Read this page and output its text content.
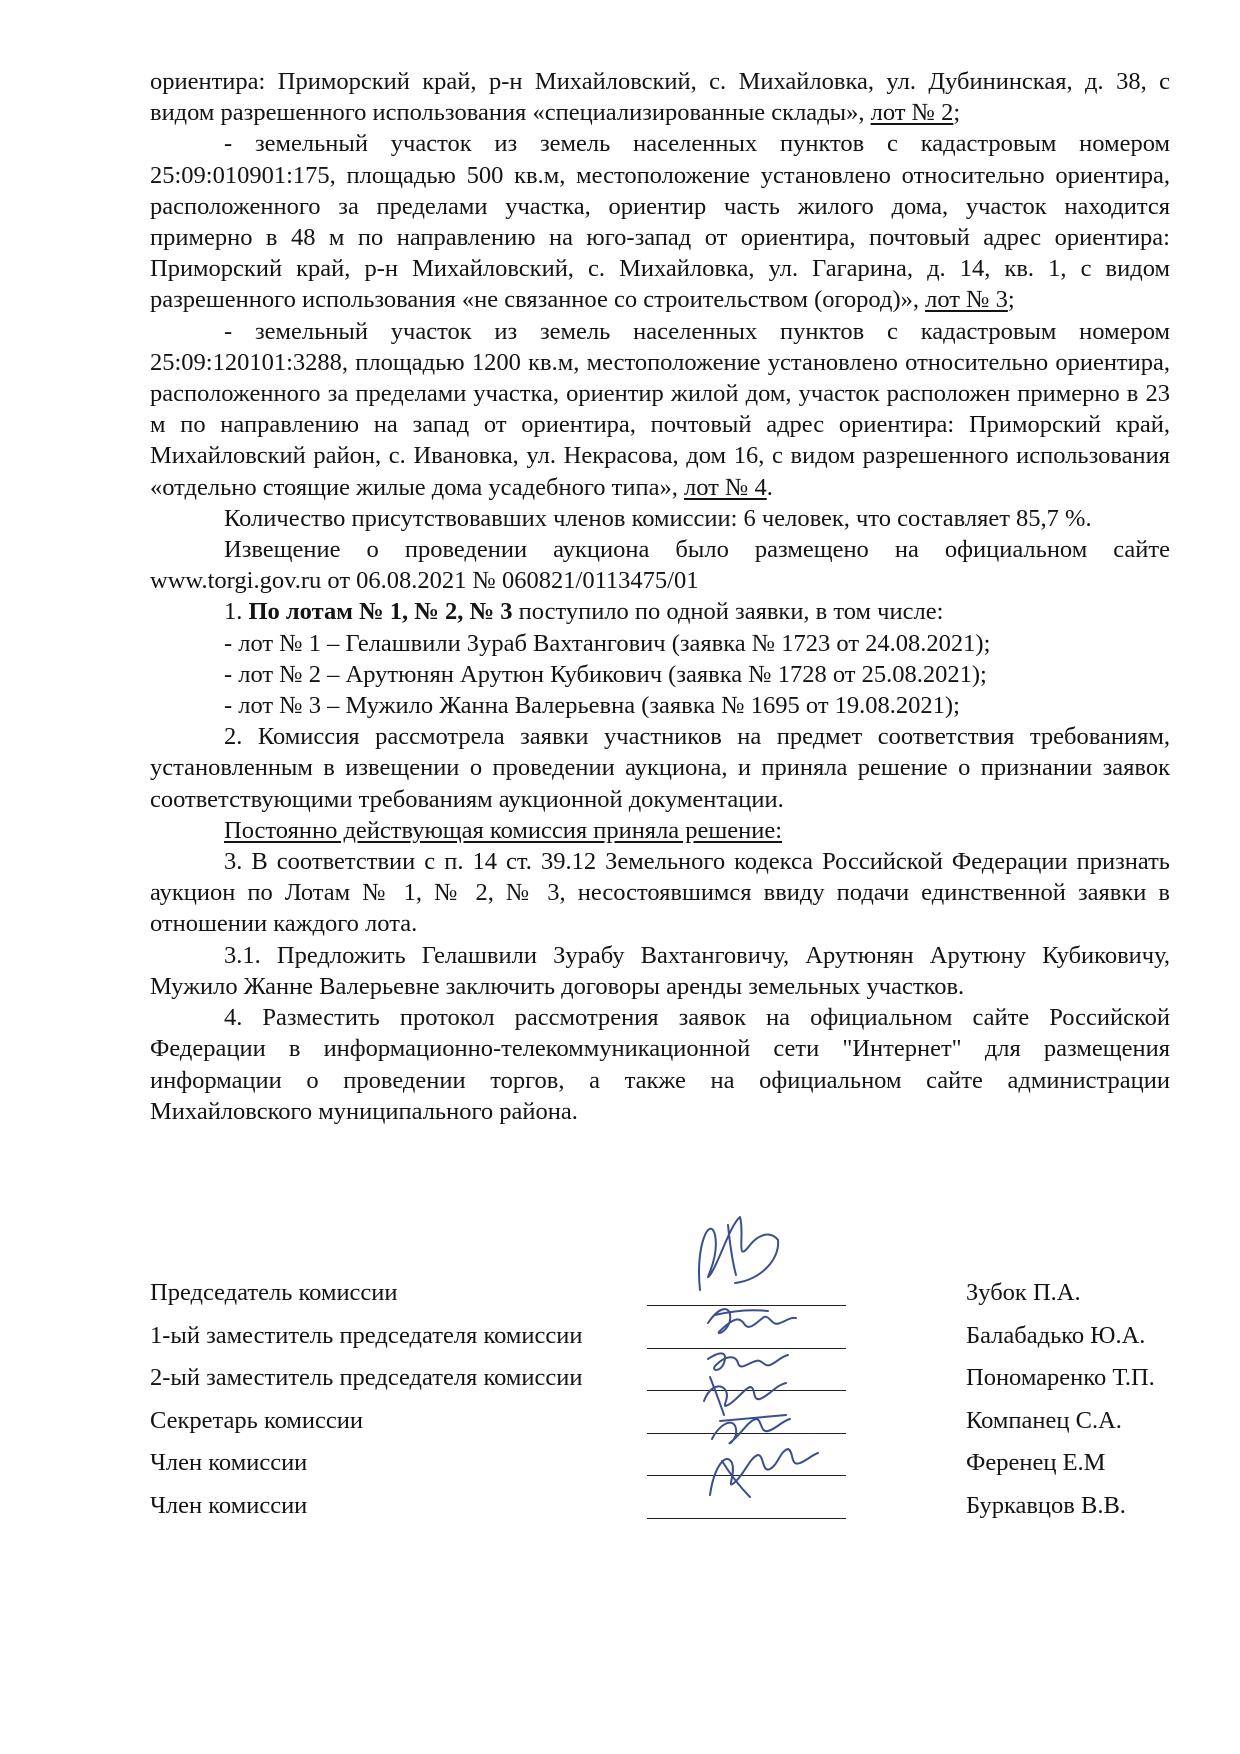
ориентира: Приморский край, р-н Михайловский, с. Михайловка, ул. Дубининская, д. 38, с видом разрешенного использования «специализированные склады», лот № 2;

- земельный участок из земель населенных пунктов с кадастровым номером 25:09:010901:175, площадью 500 кв.м, местоположение установлено относительно ориентира, расположенного за пределами участка, ориентир часть жилого дома, участок находится примерно в 48 м по направлению на юго-запад от ориентира, почтовый адрес ориентира: Приморский край, р-н Михайловский, с. Михайловка, ул. Гагарина, д. 14, кв. 1, с видом разрешенного использования «не связанное со строительством (огород)», лот № 3;

- земельный участок из земель населенных пунктов с кадастровым номером 25:09:120101:3288, площадью 1200 кв.м, местоположение установлено относительно ориентира, расположенного за пределами участка, ориентир жилой дом, участок расположен примерно в 23 м по направлению на запад от ориентира, почтовый адрес ориентира: Приморский край, Михайловский район, с. Ивановка, ул. Некрасова, дом 16, с видом разрешенного использования «отдельно стоящие жилые дома усадебного типа», лот № 4.

Количество присутствовавших членов комиссии: 6 человек, что составляет 85,7 %.

Извещение о проведении аукциона было размещено на официальном сайте www.torgi.gov.ru от 06.08.2021 № 060821/0113475/01

1. По лотам № 1, № 2, № 3 поступило по одной заявки, в том числе:

- лот № 1 – Гелашвили Зураб Вахтангович (заявка № 1723 от 24.08.2021);

- лот № 2 – Арутюнян Арутюн Кубикович (заявка № 1728 от 25.08.2021);

- лот № 3 – Мужило Жанна Валерьевна (заявка № 1695 от 19.08.2021);

2. Комиссия рассмотрела заявки участников на предмет соответствия требованиям, установленным в извещении о проведении аукциона, и приняла решение о признании заявок соответствующими требованиям аукционной документации.

Постоянно действующая комиссия приняла решение:

3. В соответствии с п. 14 ст. 39.12 Земельного кодекса Российской Федерации признать аукцион по Лотам № 1, № 2, № 3, несостоявшимся ввиду подачи единственной заявки в отношении каждого лота.

3.1. Предложить Гелашвили Зурабу Вахтанговичу, Арутюнян Арутюну Кубиковичу, Мужило Жанне Валерьевне заключить договоры аренды земельных участков.

4. Разместить протокол рассмотрения заявок на официальном сайте Российской Федерации в информационно-телекоммуникационной сети "Интернет" для размещения информации о проведении торгов, а также на официальном сайте администрации Михайловского муниципального района.

Председатель комиссии	Зубок П.А.
1-ый заместитель председателя комиссии	Балабадько Ю.А.
2-ый заместитель председателя комиссии	Пономаренко Т.П.
Секретарь комиссии	Компанец С.А.
Член комиссии	Ференец Е.М
Член комиссии	Буркавцов В.В.
